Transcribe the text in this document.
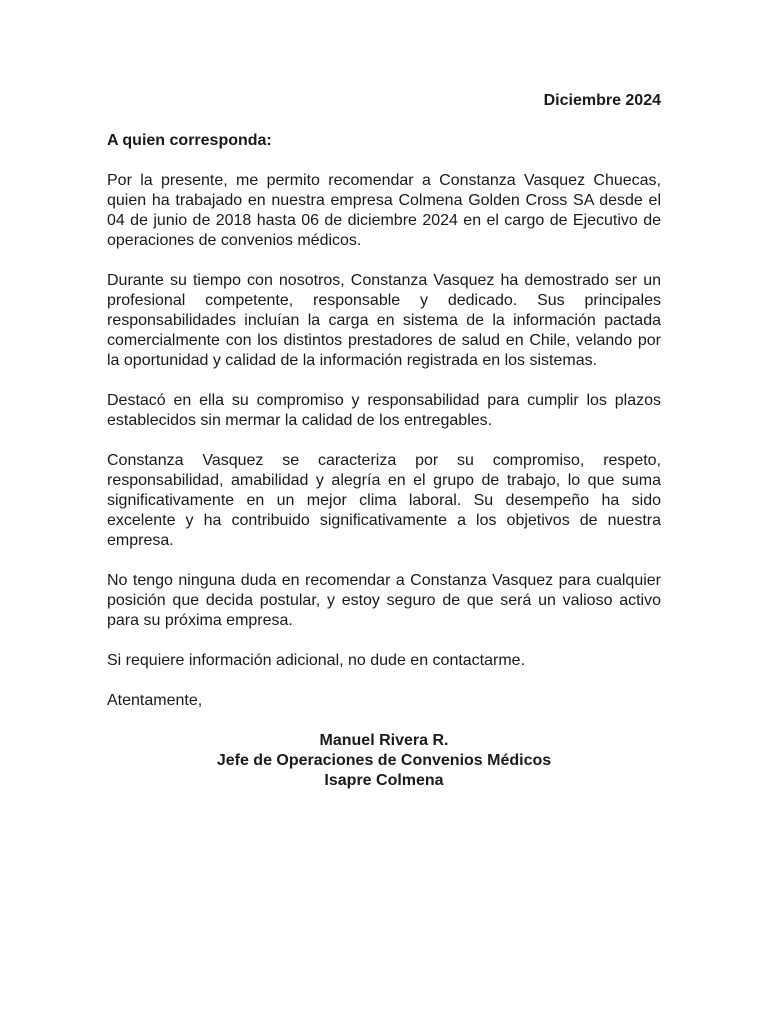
Diciembre 2024
A quien corresponda:

Por la presente, me permito recomendar a Constanza Vasquez Chuecas, quien ha trabajado en nuestra empresa Colmena Golden Cross SA desde el 04 de junio de 2018 hasta 06 de diciembre 2024 en el cargo de Ejecutivo de operaciones de convenios médicos.

Durante su tiempo con nosotros, Constanza Vasquez ha demostrado ser un profesional competente, responsable y dedicado. Sus principales responsabilidades incluían la carga en sistema de la información pactada comercialmente con los distintos prestadores de salud en Chile, velando por la oportunidad y calidad de la información registrada en los sistemas.

Destacó en ella su compromiso y responsabilidad para cumplir los plazos establecidos sin mermar la calidad de los entregables.

Constanza Vasquez se caracteriza por su compromiso, respeto, responsabilidad, amabilidad y alegría en el grupo de trabajo, lo que suma significativamente en un mejor clima laboral. Su desempeño ha sido excelente y ha contribuido significativamente a los objetivos de nuestra empresa.

No tengo ninguna duda en recomendar a Constanza Vasquez para cualquier posición que decida postular, y estoy seguro de que será un valioso activo para su próxima empresa.

Si requiere información adicional, no dude en contactarme.

Atentamente,
Manuel Rivera R.
Jefe de Operaciones de Convenios Médicos
Isapre Colmena
